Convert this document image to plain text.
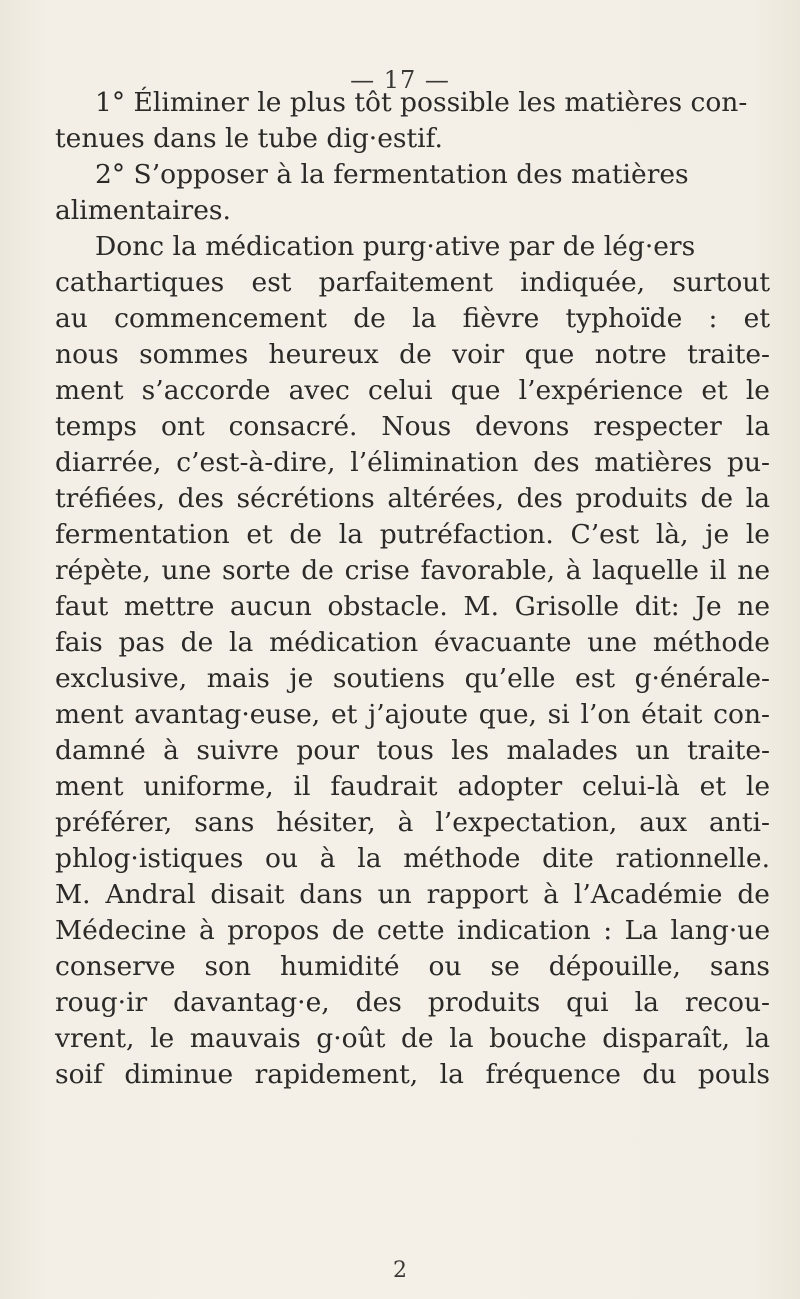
— 17 —
1° Éliminer le plus tôt possible les matières con-
tenues dans le tube dig·estif.
2° S’opposer à la fermentation des matières
alimentaires.
Donc la médication purg·ative par de lég·ers
cathartiques est parfaitement indiquée, surtout
au commencement de la fièvre typhoïde : et
nous sommes heureux de voir que notre traite-
ment s’accorde avec celui que l’expérience et le
temps ont consacré. Nous devons respecter la
diarrée, c’est-à-dire, l’élimination des matières pu-
tréfiées, des sécrétions altérées, des produits de la
fermentation et de la putréfaction. C’est là, je le
répète, une sorte de crise favorable, à laquelle il ne
faut mettre aucun obstacle. M. Grisolle dit: Je ne
fais pas de la médication évacuante une méthode
exclusive, mais je soutiens qu’elle est g·énérale-
ment avantag·euse, et j’ajoute que, si l’on était con-
damné à suivre pour tous les malades un traite-
ment uniforme, il faudrait adopter celui-là et le
préférer, sans hésiter, à l’expectation, aux anti-
phlog·istiques ou à la méthode dite rationnelle.
M. Andral disait dans un rapport à l’Académie de
Médecine à propos de cette indication : La lang·ue
conserve son humidité ou se dépouille, sans
roug·ir davantag·e, des produits qui la recou-
vrent, le mauvais g·oût de la bouche disparaît, la
soif diminue rapidement, la fréquence du pouls
2
